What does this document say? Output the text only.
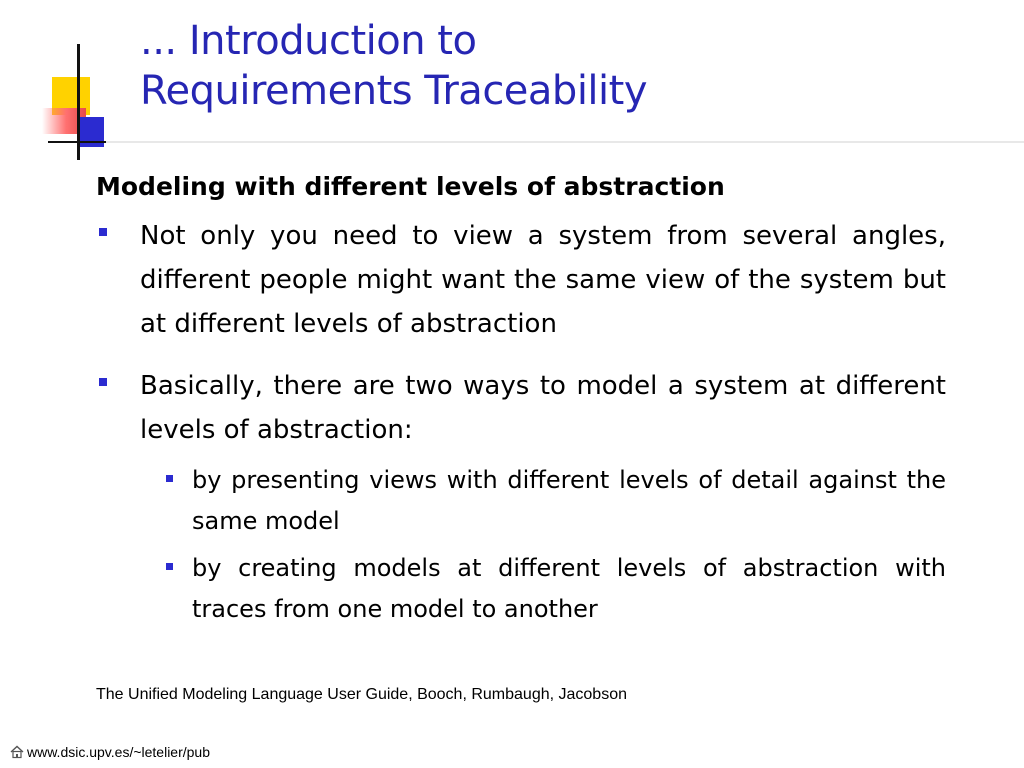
... Introduction to
Requirements Traceability

Modeling with different levels of abstraction

Not only you need to view a system from several angles, different people might want the same view of the system but at different levels of abstraction
Basically, there are two ways to model a system at different levels of abstraction:
by presenting views with different levels of detail against the same model
by creating models at different levels of abstraction with traces from one model to another
The Unified Modeling Language User Guide, Booch, Rumbaugh, Jacobson
www.dsic.upv.es/~letelier/pub
